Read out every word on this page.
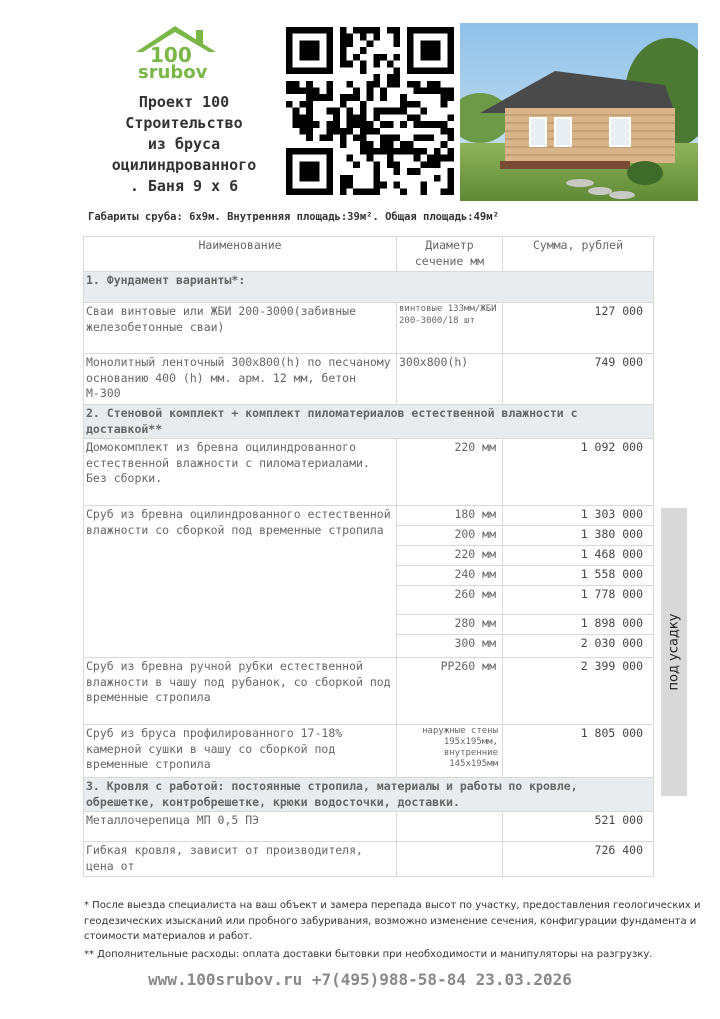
100
srubov
Проект 100
Строительство
из бруса
оцилиндрованного
. Баня 9 х 6
Габариты сруба: 6х9м. Внутренняя площадь:39м². Общая площадь:49м²
Наименование	Диаметр сечение мм	Сумма, рублей
1. Фундамент варианты*:		
Сваи винтовые или ЖБИ 200-3000(забивные железобетонные сваи)	винтовые 133мм/ЖБИ 200-3000/18 шт	127 000
Монолитный ленточный 300х800(h) по песчаному основанию 400 (h) мм. арм. 12 мм, бетон М-300	300х800(h)	749 000
2. Стеновой комплект + комплект пиломатериалов естественной влажности с доставкой**		
Домокомплект из бревна оцилиндрованного естественной влажности с пиломатериалами. Без сборки.	220 мм	1 092 000
Сруб из бревна оцилиндрованного естественной влажности со сборкой под временные стропила	180 мм	1 303 000
	200 мм	1 380 000
	220 мм	1 468 000
	240 мм	1 558 000
	260 мм	1 778 000
	280 мм	1 898 000
	300 мм	2 030 000
Сруб из бревна ручной рубки естественной влажности в чашу под рубанок, со сборкой под временные стропила	РР260 мм	2 399 000
Сруб из бруса профилированного 17-18% камерной сушки в чашу со сборкой под временные стропила	наружные стены 195х195мм, внутренние 145х195мм	1 805 000
3. Кровля с работой: постоянные стропила, материалы и работы по кровле, обрешетке, контробрешетке, крюки водосточки, доставки.		
Металлочерепица МП 0,5 ПЭ		521 000
Гибкая кровля, зависит от производителя, цена от		726 400
под усадку
* После выезда специалиста на ваш объект и замера перепада высот по участку, предоставления геологических и геодезических изысканий или пробного забуривания, возможно изменение сечения, конфигурации фундамента и стоимости материалов и работ.
** Дополнительные расходы: оплата доставки бытовки при необходимости и манипуляторы на разгрузку.
www.100srubov.ru +7(495)988-58-84 23.03.2026
